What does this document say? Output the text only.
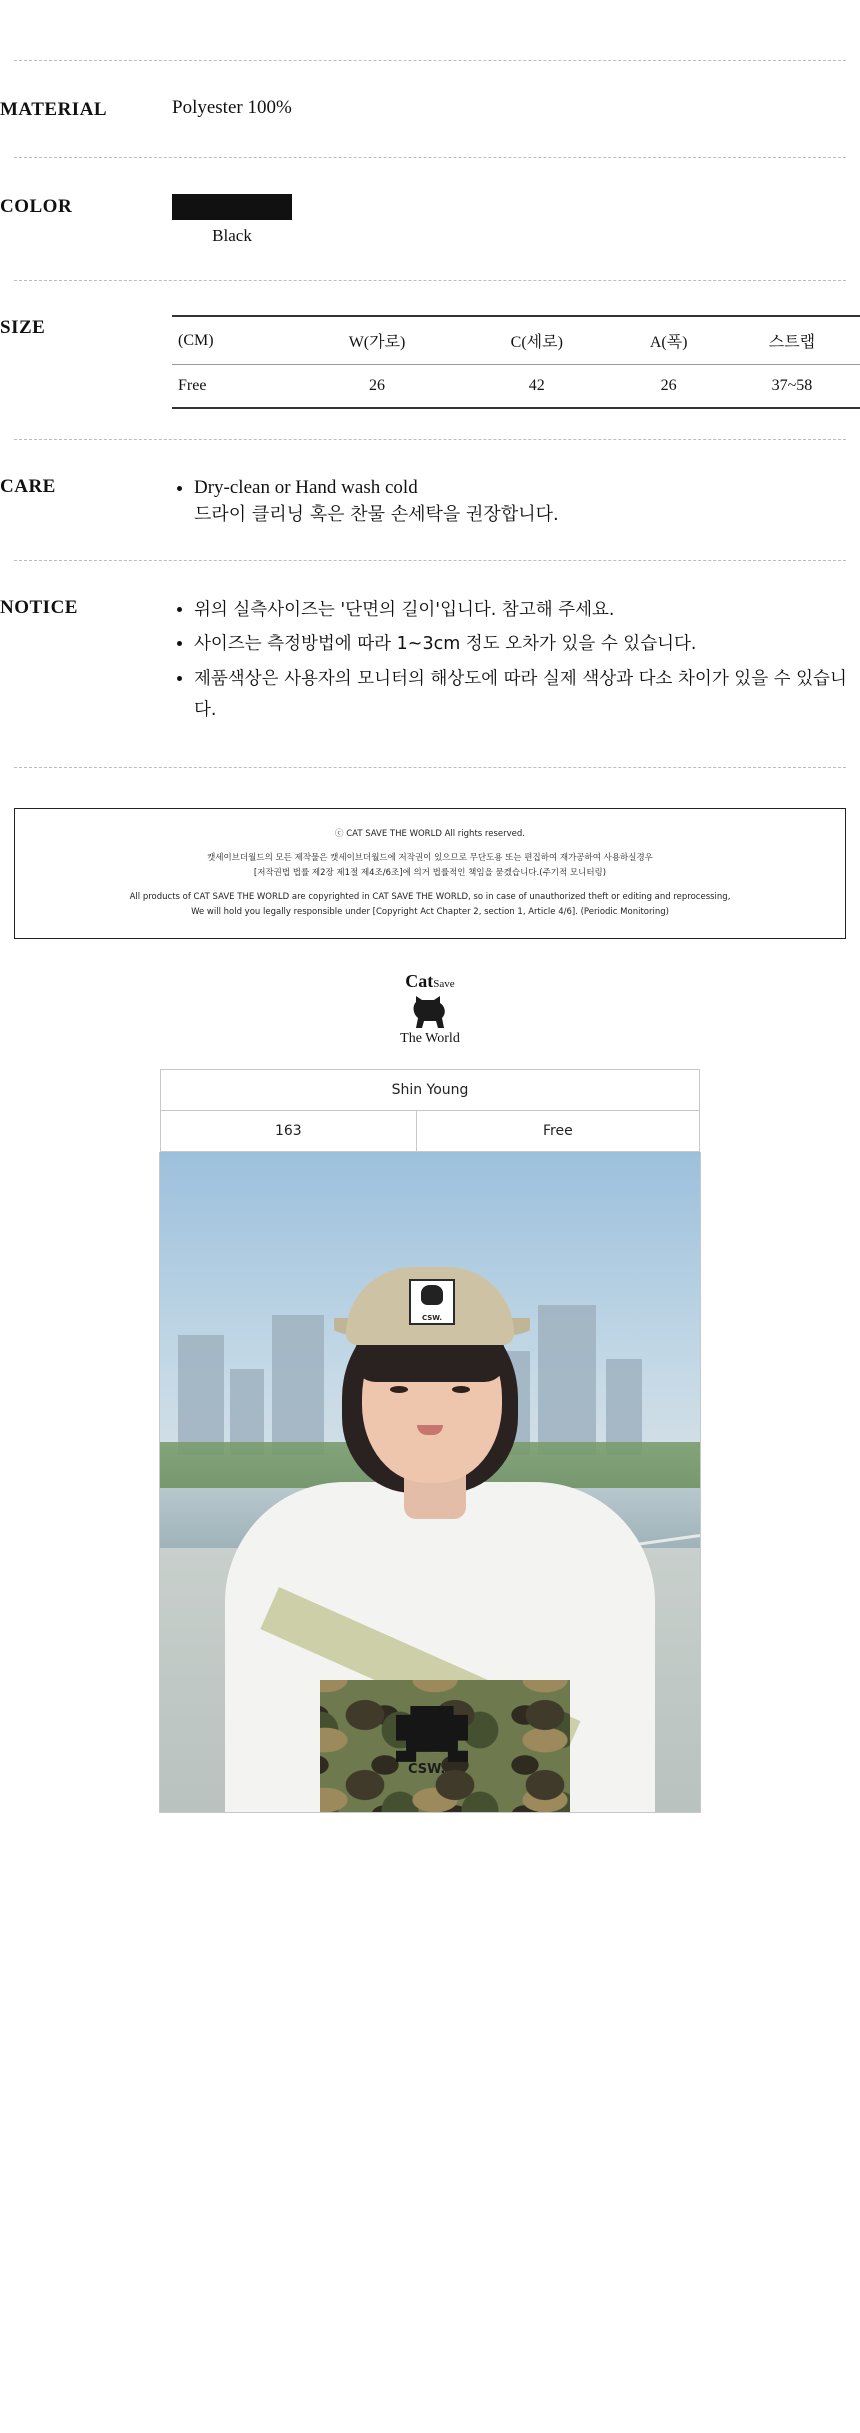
MATERIAL	Polyester 100%
COLOR
Black
SIZE
(CM)	W(가로)	C(세로)	A(폭)	스트랩
Free	26	42	26	37~58
CARE	• Dry-clean or Hand wash cold
드라이 클리닝 혹은 찬물 손세탁을 권장합니다.
NOTICE	• 위의 실측사이즈는 '단면의 길이'입니다. 참고해 주세요.
• 사이즈는 측정방법에 따라 1~3cm 정도 오차가 있을 수 있습니다.
• 제품색상은 사용자의 모니터의 해상도에 따라 실제 색상과 다소 차이가 있을 수 있습니다.
ⓒ CAT SAVE THE WORLD All rights reserved.
캣세이브더월드의 모든 제작물은 캣세이브더월드에 저작권이 있으므로 무단도용 또는 편집하여 재가공하여 사용하실경우
[저작권법 법률 제2장 제1절 제4조/6조]에 의거 법률적인 책임을 묻겠습니다.(주기적 모니터링)
All products of CAT SAVE THE WORLD are copyrighted in CAT SAVE THE WORLD, so in case of unauthorized theft or editing and reprocessing,
We will hold you legally responsible under [Copyright Act Chapter 2, section 1, Article 4/6]. (Periodic Monitoring)
CatSave
The World
Shin Young
163	Free
CSW.
CSW.
